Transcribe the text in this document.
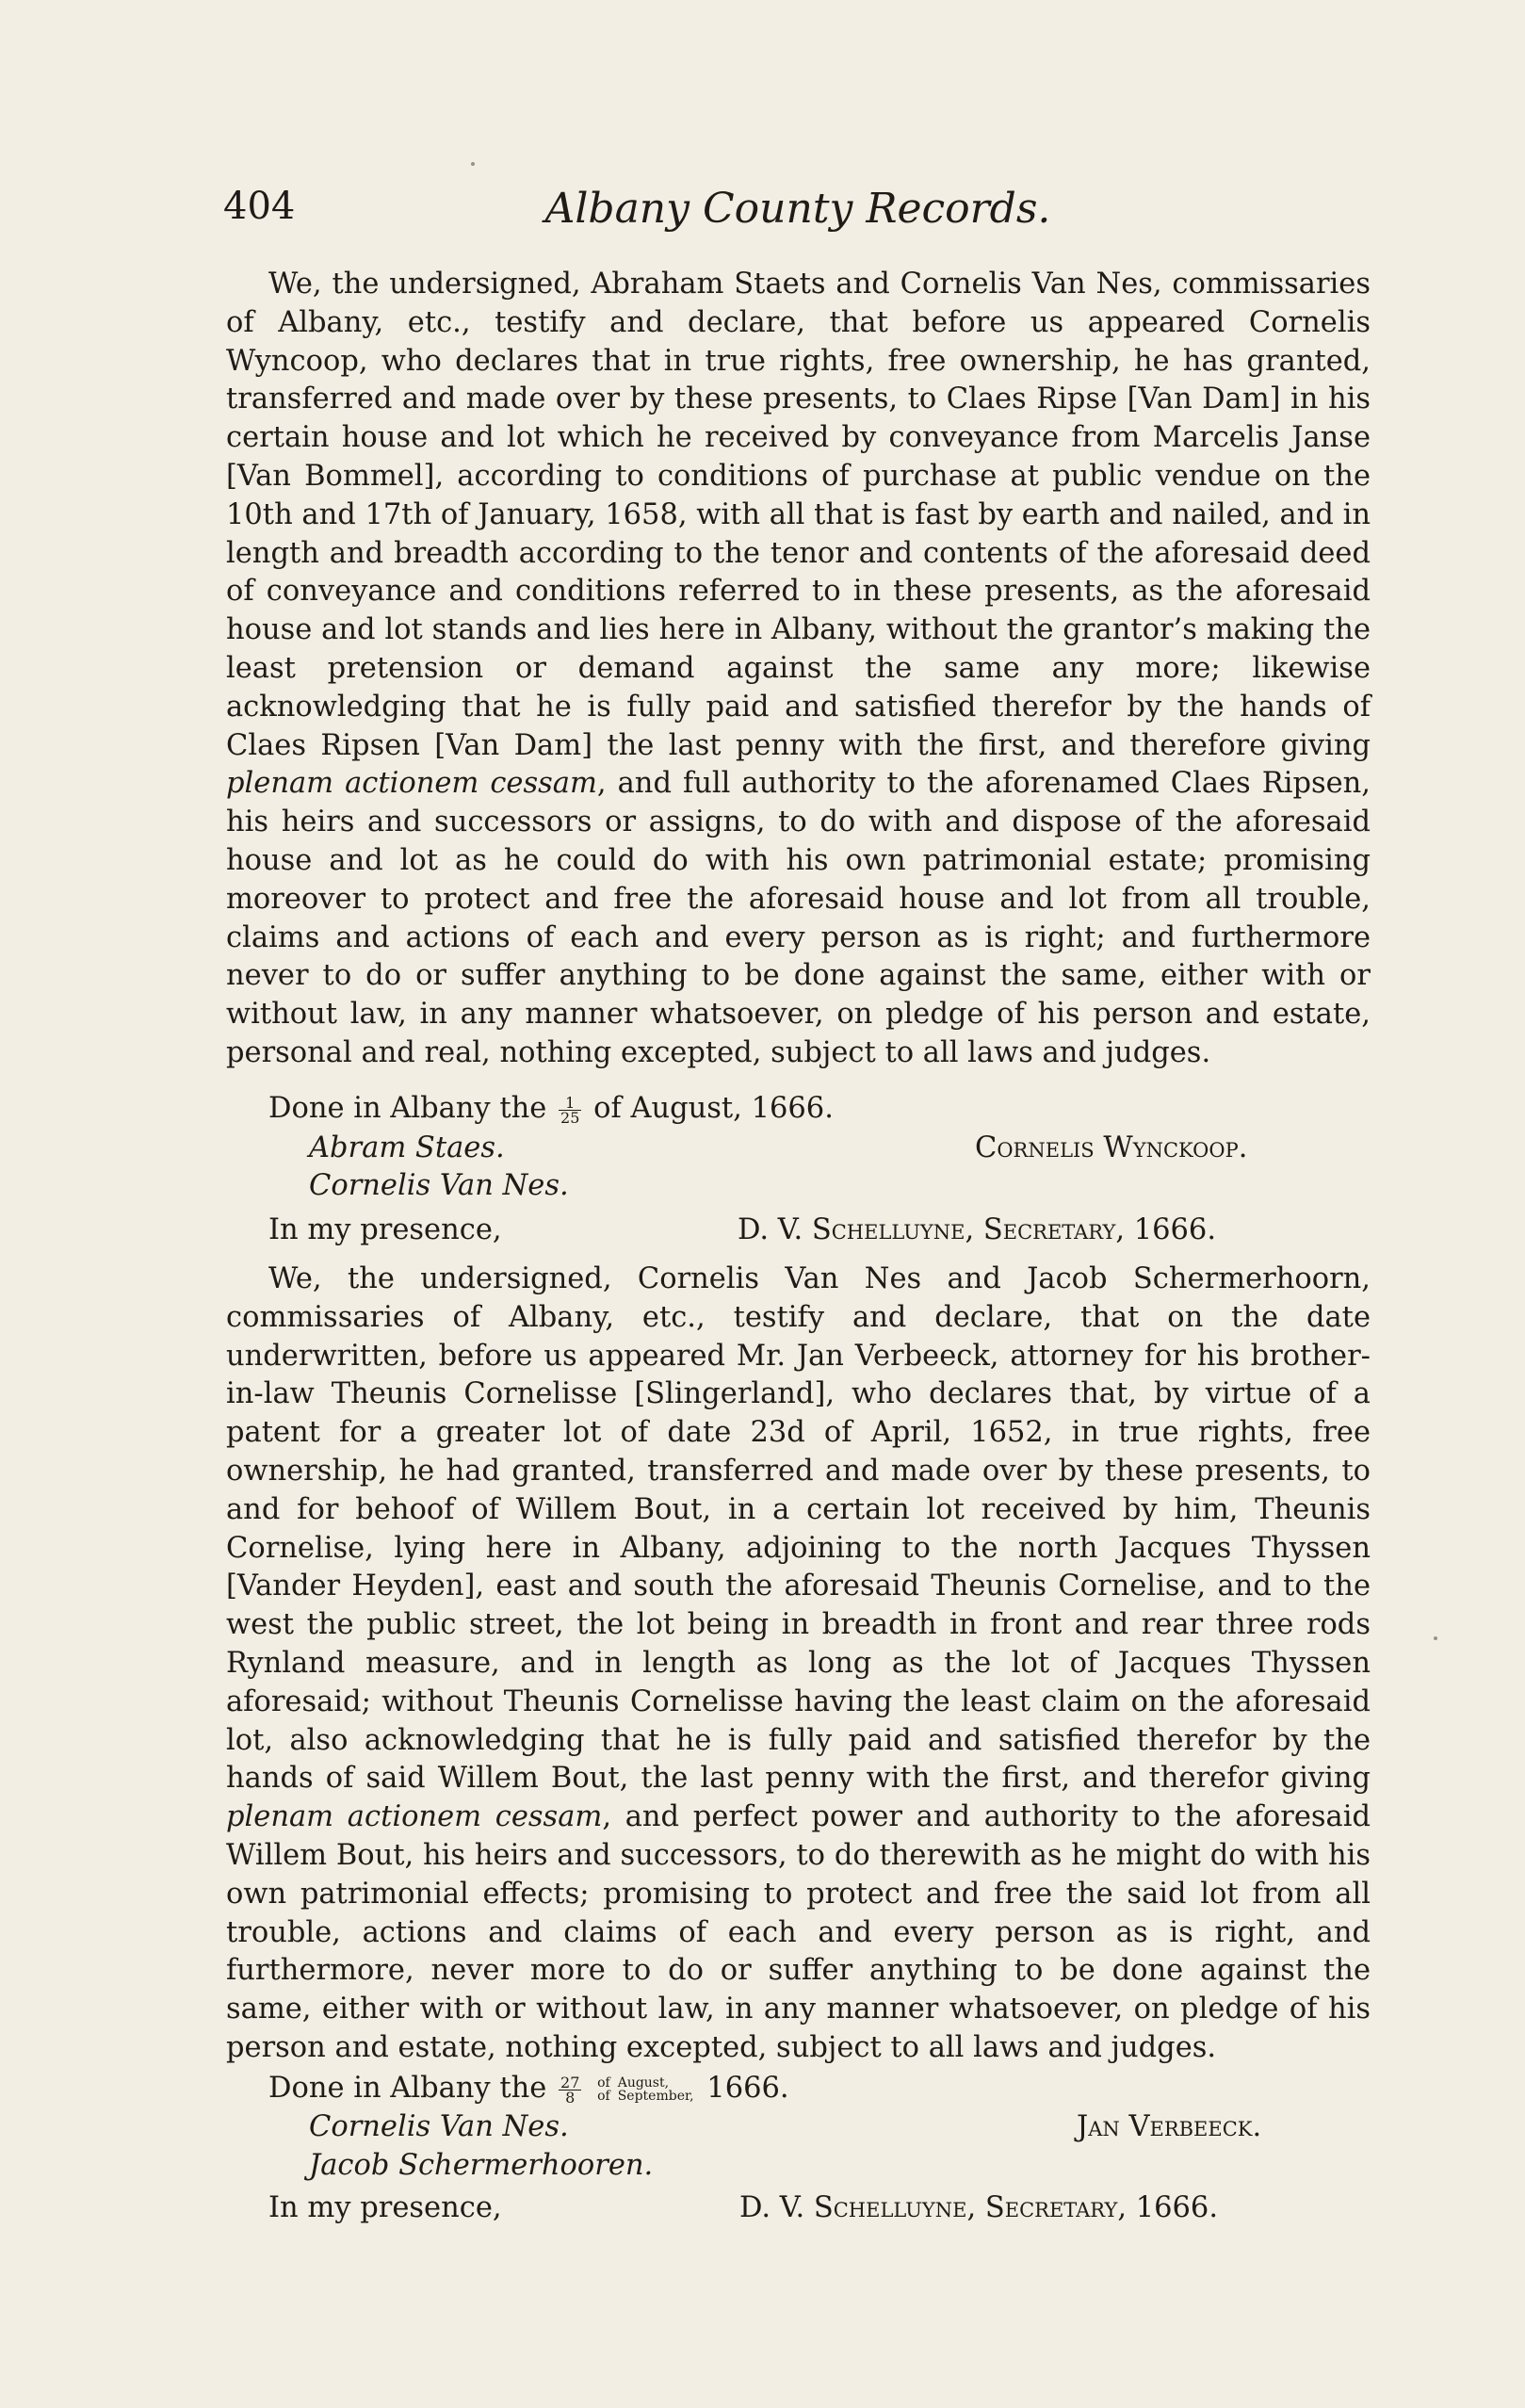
404	Albany County Records.

We, the undersigned, Abraham Staets and Cornelis Van Nes, commissaries of Albany, etc., testify and declare, that before us appeared Cornelis Wyncoop, who declares that in true rights, free ownership, he has granted, transferred and made over by these presents, to Claes Ripse [Van Dam] in his certain house and lot which he received by conveyance from Marcelis Janse [Van Bommel], according to conditions of purchase at public vendue on the 10th and 17th of January, 1658, with all that is fast by earth and nailed, and in length and breadth according to the tenor and contents of the aforesaid deed of conveyance and conditions referred to in these presents, as the aforesaid house and lot stands and lies here in Albany, without the grantor’s making the least pretension or demand against the same any more; likewise acknowledging that he is fully paid and satisfied therefor by the hands of Claes Ripsen [Van Dam] the last penny with the first, and therefore giving plenam actionem cessam, and full authority to the aforenamed Claes Ripsen, his heirs and successors or assigns, to do with and dispose of the aforesaid house and lot as he could do with his own patrimonial estate; promising moreover to protect and free the aforesaid house and lot from all trouble, claims and actions of each and every person as is right; and furthermore never to do or suffer anything to be done against the same, either with or without law, in any manner whatsoever, on pledge of his person and estate, personal and real, nothing excepted, subject to all laws and judges.

Done in Albany the $\frac{1}{25}$ of August, 1666.
Abram Staes.
Cornelis Van Nes.
Cornelis Wynckoop.
In my presence,	D. V. Schelluyne, Secretary, 1666.

We, the undersigned, Cornelis Van Nes and Jacob Schermerhoorn, commissaries of Albany, etc., testify and declare, that on the date underwritten, before us appeared Mr. Jan Verbeeck, attorney for his brother-in-law Theunis Cornelisse [Slingerland], who declares that, by virtue of a patent for a greater lot of date 23d of April, 1652, in true rights, free ownership, he had granted, transferred and made over by these presents, to and for behoof of Willem Bout, in a certain lot received by him, Theunis Cornelise, lying here in Albany, adjoining to the north Jacques Thyssen [Vander Heyden], east and south the aforesaid Theunis Cornelise, and to the west the public street, the lot being in breadth in front and rear three rods Rynland measure, and in length as long as the lot of Jacques Thyssen aforesaid; without Theunis Cornelisse having the least claim on the aforesaid lot, also acknowledging that he is fully paid and satisfied therefor by the hands of said Willem Bout, the last penny with the first, and therefor giving plenam actionem cessam, and perfect power and authority to the aforesaid Willem Bout, his heirs and successors, to do therewith as he might do with his own patrimonial effects; promising to protect and free the said lot from all trouble, actions and claims of each and every person as is right, and furthermore, never more to do or suffer anything to be done against the same, either with or without law, in any manner whatsoever, on pledge of his person and estate, nothing excepted, subject to all laws and judges.

Done in Albany the $\frac{27}{8}$
of
of
August,
September, 1666.
Cornelis Van Nes.
Jacob Schermerhooren.
Jan Verbeeck.
In my presence,	D. V. Schelluyne, Secretary, 1666.
